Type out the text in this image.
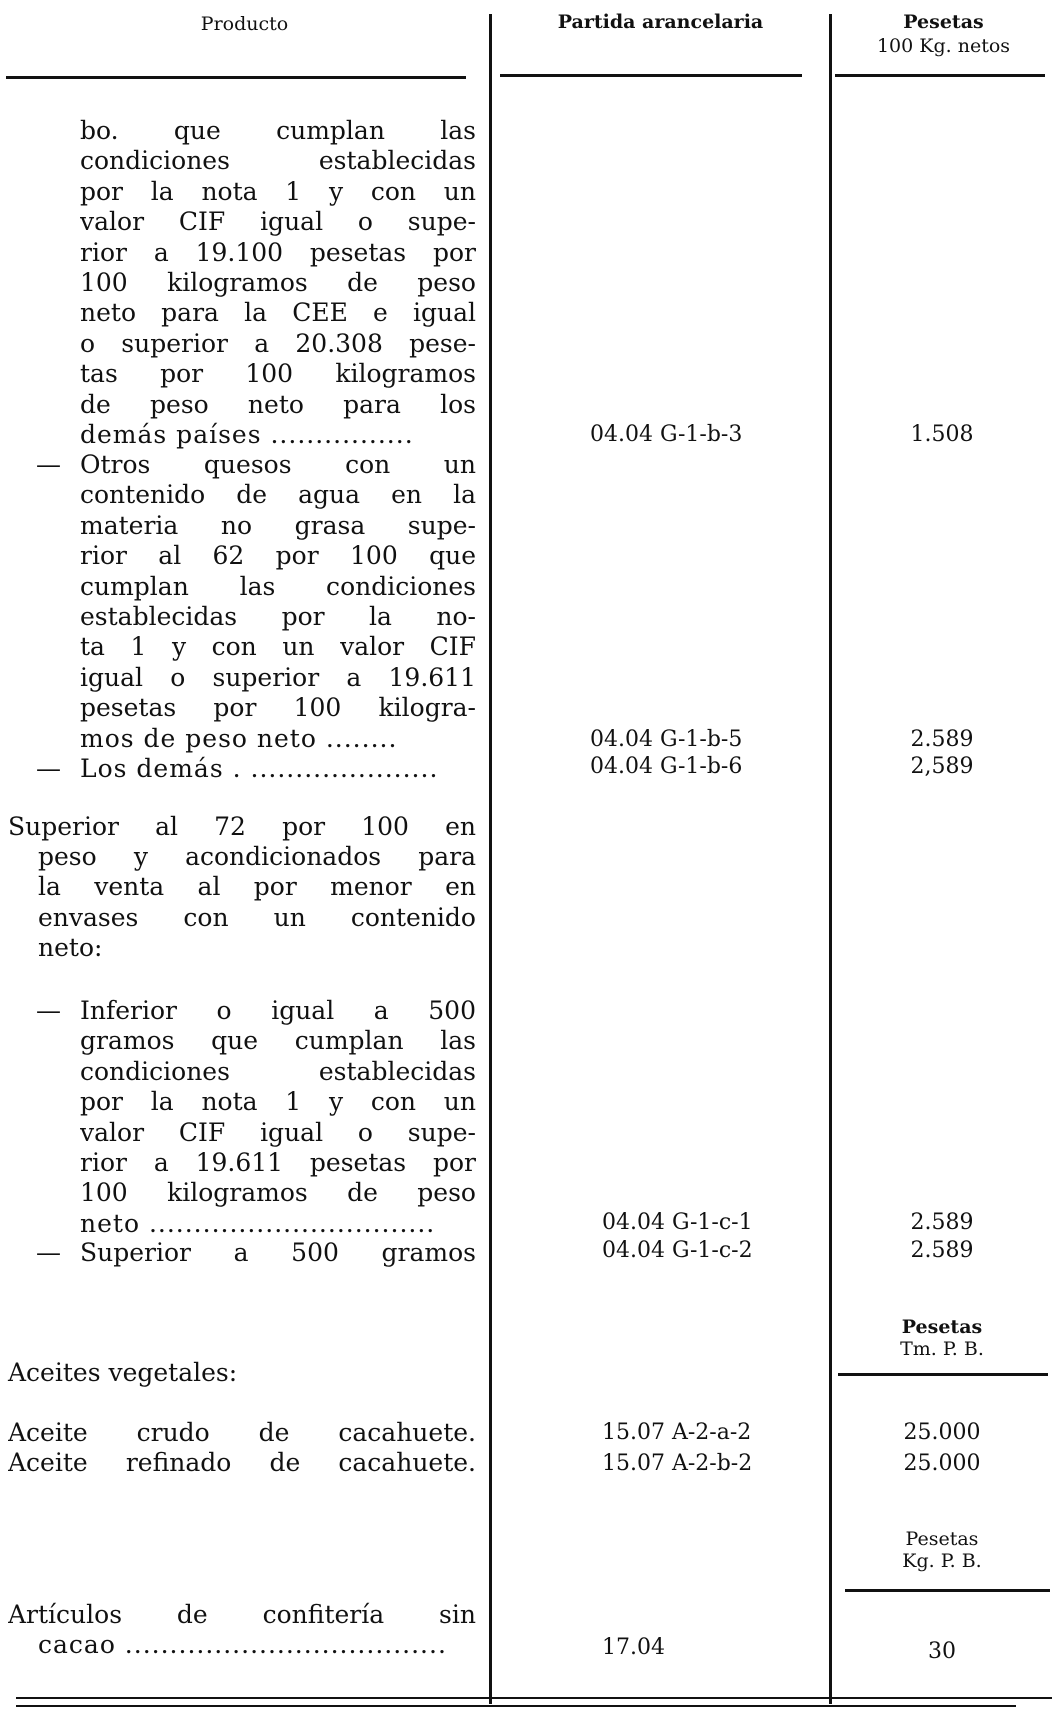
Producto	Partida arancelaria	Pesetas
100 Kg. netos
bo. que cumplan las
condiciones establecidas
por la nota 1 y con un
valor CIF igual o supe-
rior a 19.100 pesetas por
100 kilogramos de peso
neto para la CEE e igual
o superior a 20.308 pese-
tas por 100 kilogramos
de peso neto para los
demás países ................	04.04 G-1-b-3	1.508
— Otros quesos con un
contenido de agua en la
materia no grasa supe-
rior al 62 por 100 que
cumplan las condiciones
establecidas por la no-
ta 1 y con un valor CIF
igual o superior a 19.611
pesetas por 100 kilogra-
mos de peso neto ........	04.04 G-1-b-5	2.589
— Los demás . .....................	04.04 G-1-b-6	2,589
Superior al 72 por 100 en
peso y acondicionados para
la venta al por menor en
envases con un contenido
neto:
— Inferior o igual a 500
gramos que cumplan las
condiciones establecidas
por la nota 1 y con un
valor CIF igual o supe-
rior a 19.611 pesetas por
100 kilogramos de peso
neto ................................	04.04 G-1-c-1	2.589
— Superior a 500 gramos	04.04 G-1-c-2	2.589
Pesetas
Tm. P. B.
Aceites vegetales:
Aceite crudo de cacahuete.	15.07 A-2-a-2	25.000
Aceite refinado de cacahuete.	15.07 A-2-b-2	25.000
Pesetas
Kg. P. B.
Artículos de confitería sin
cacao ....................................	17.04	30
